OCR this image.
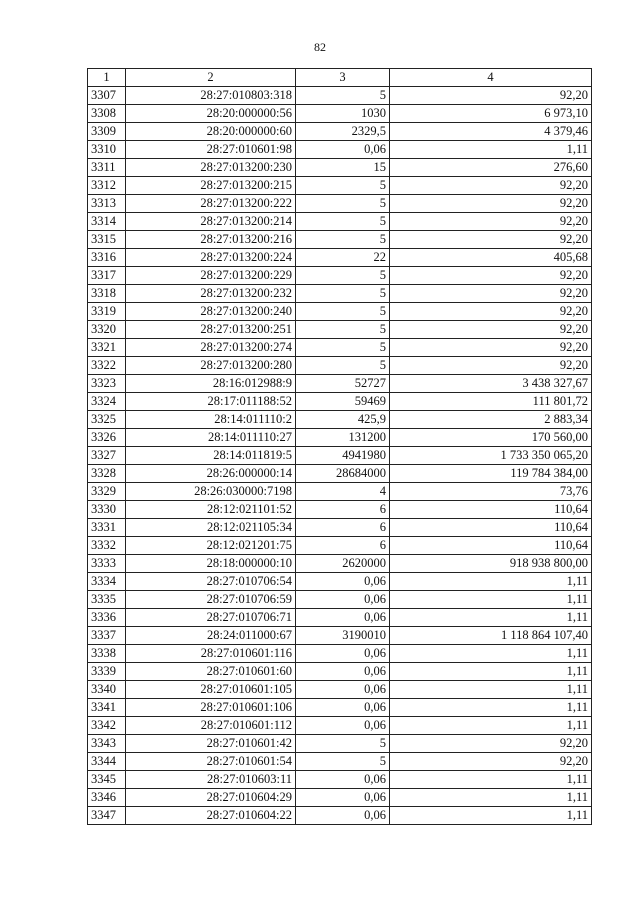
82
1	2	3	4
3307	28:27:010803:318	5	92,20
3308	28:20:000000:56	1030	6 973,10
3309	28:20:000000:60	2329,5	4 379,46
3310	28:27:010601:98	0,06	1,11
3311	28:27:013200:230	15	276,60
3312	28:27:013200:215	5	92,20
3313	28:27:013200:222	5	92,20
3314	28:27:013200:214	5	92,20
3315	28:27:013200:216	5	92,20
3316	28:27:013200:224	22	405,68
3317	28:27:013200:229	5	92,20
3318	28:27:013200:232	5	92,20
3319	28:27:013200:240	5	92,20
3320	28:27:013200:251	5	92,20
3321	28:27:013200:274	5	92,20
3322	28:27:013200:280	5	92,20
3323	28:16:012988:9	52727	3 438 327,67
3324	28:17:011188:52	59469	111 801,72
3325	28:14:011110:2	425,9	2 883,34
3326	28:14:011110:27	131200	170 560,00
3327	28:14:011819:5	4941980	1 733 350 065,20
3328	28:26:000000:14	28684000	119 784 384,00
3329	28:26:030000:7198	4	73,76
3330	28:12:021101:52	6	110,64
3331	28:12:021105:34	6	110,64
3332	28:12:021201:75	6	110,64
3333	28:18:000000:10	2620000	918 938 800,00
3334	28:27:010706:54	0,06	1,11
3335	28:27:010706:59	0,06	1,11
3336	28:27:010706:71	0,06	1,11
3337	28:24:011000:67	3190010	1 118 864 107,40
3338	28:27:010601:116	0,06	1,11
3339	28:27:010601:60	0,06	1,11
3340	28:27:010601:105	0,06	1,11
3341	28:27:010601:106	0,06	1,11
3342	28:27:010601:112	0,06	1,11
3343	28:27:010601:42	5	92,20
3344	28:27:010601:54	5	92,20
3345	28:27:010603:11	0,06	1,11
3346	28:27:010604:29	0,06	1,11
3347	28:27:010604:22	0,06	1,11
